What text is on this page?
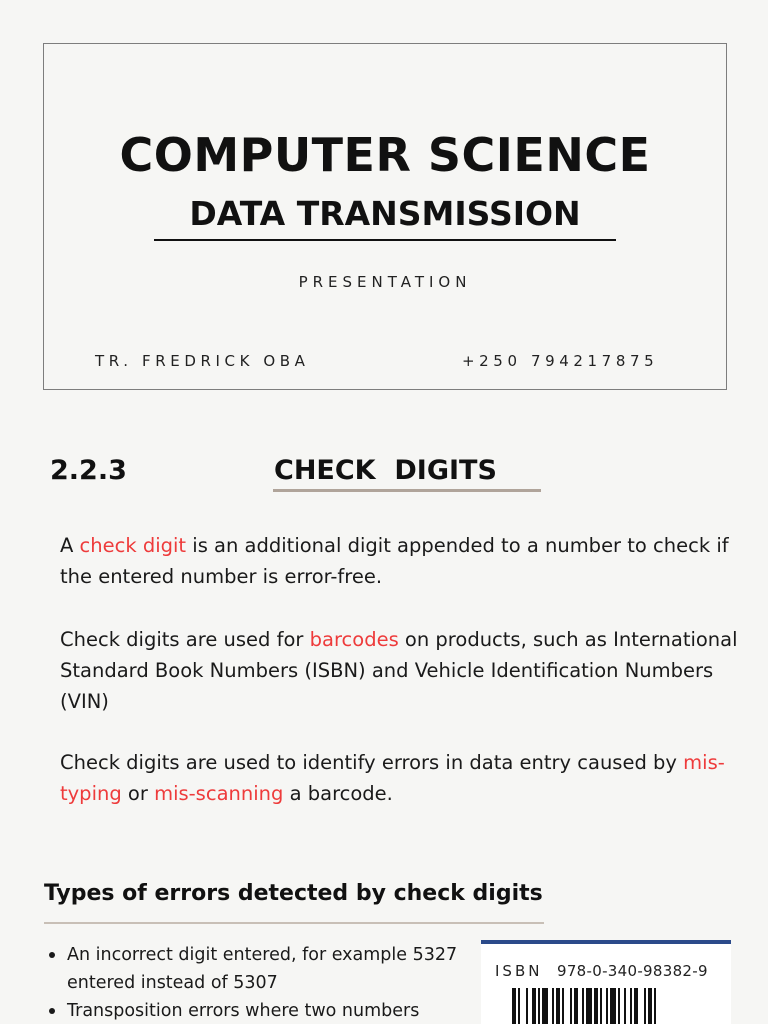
COMPUTER SCIENCE
DATA TRANSMISSION
PRESENTATION
TR. FREDRICK OBA	+250 794217875
2.2.3	CHECK  DIGITS

A check digit is an additional digit appended to a number to check if the entered number is error-free.

Check digits are used for barcodes on products, such as International Standard Book Numbers (ISBN) and Vehicle Identification Numbers (VIN)

Check digits are used to identify errors in data entry caused by mis-typing or mis-scanning a barcode.

Types of errors detected by check digits
An incorrect digit entered, for example 5327 entered instead of 5307
Transposition errors where two numbers
ISBN 978-0-340-98382-9
